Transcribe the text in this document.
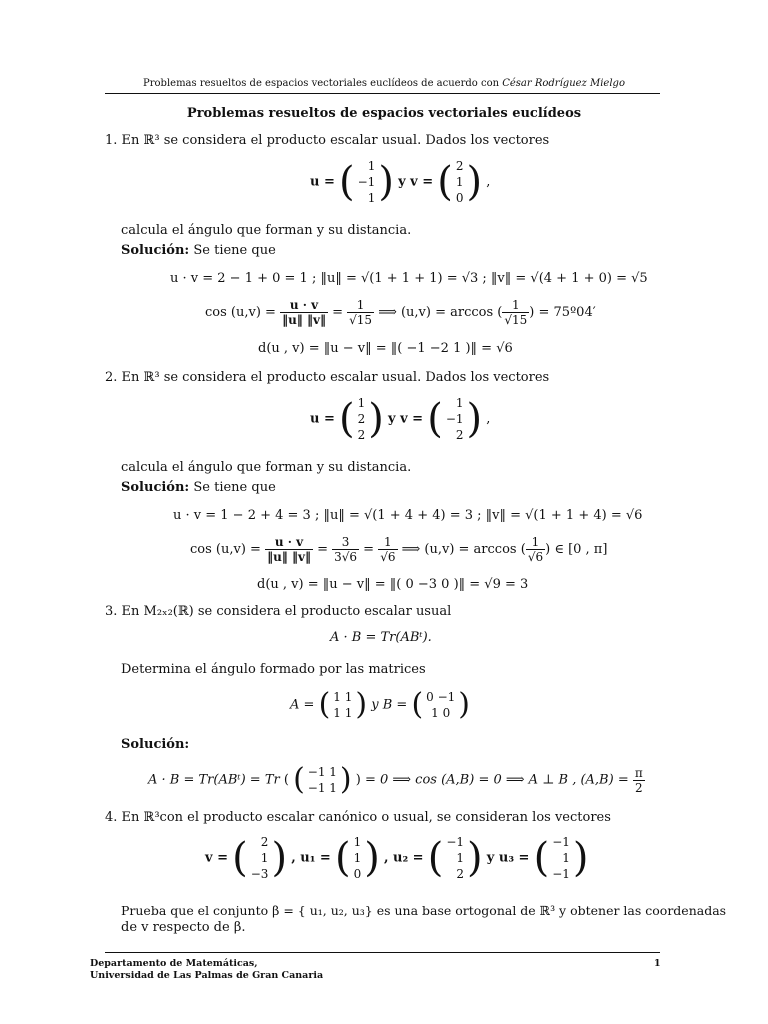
Problemas resueltos de espacios vectoriales euclídeos de acuerdo con César Rodríguez Mielgo
Problemas resueltos de espacios vectoriales euclídeos
1. En ℝ³ se considera el producto escalar usual. Dados los vectores
u = ( 1
−1
1) y v = ( 2
1
0) ,
calcula el ángulo que forman y su distancia.
Solución: Se tiene que
u · v = 2 − 1 + 0 = 1 ; ‖u‖ = √(1 + 1 + 1) = √3 ; ‖v‖ = √(4 + 1 + 0) = √5
$\cos (u,v) = \frac{u \cdot v}{‖u‖ ‖v‖} = \frac{1}{√15}$ ⟹ (u,v) = arccos ( $\frac{1}{√15}$ ) = 75º04′
d(u , v) = ‖u − v‖ = ‖( −1 −2 1 )‖ = √6
2. En ℝ³ se considera el producto escalar usual. Dados los vectores
u = ( 1
2
2) y v = ( 1
−1
2) ,
calcula el ángulo que forman y su distancia.
Solución: Se tiene que
u · v = 1 − 2 + 4 = 3 ; ‖u‖ = √(1 + 4 + 4) = 3 ; ‖v‖ = √(1 + 1 + 4) = √6
$\cos (u,v) = \frac{u \cdot v}{‖u‖ ‖v‖} = \frac{3}{3√6} = \frac{1}{√6}$ ⟹ (u,v) = arccos ( $\frac{1}{√6}$ ) ∈ [0 , π]
d(u , v) = ‖u − v‖ = ‖( 0 −3 0 )‖ = √9 = 3
3. En M₂ₓ₂(ℝ) se considera el producto escalar usual
A · B = Tr(ABᵗ).
Determina el ángulo formado por las matrices
A = ( 1 1
1 1 ) y B = ( 0 −1
1 0 )
Solución:
A · B = Tr(ABᵗ) = Tr ( ( −1 1
−1 1 ) ) = 0 ⟹ cos (A,B) = 0 ⟹ A ⊥ B , $(A,B) = \frac{\pi}{2}$
4. En ℝ³con el producto escalar canónico o usual, se consideran los vectores
v = ( 2
1
−3) , u₁ = ( 1
1
0) , u₂ = ( −1
1
2) y u₃ = ( −1
1
−1)
Prueba que el conjunto β = { u₁, u₂, u₃} es una base ortogonal de ℝ³ y obtener las coordenadas
de v respecto de β.
Departamento de Matemáticas,
Universidad de Las Palmas de Gran Canaria
1
